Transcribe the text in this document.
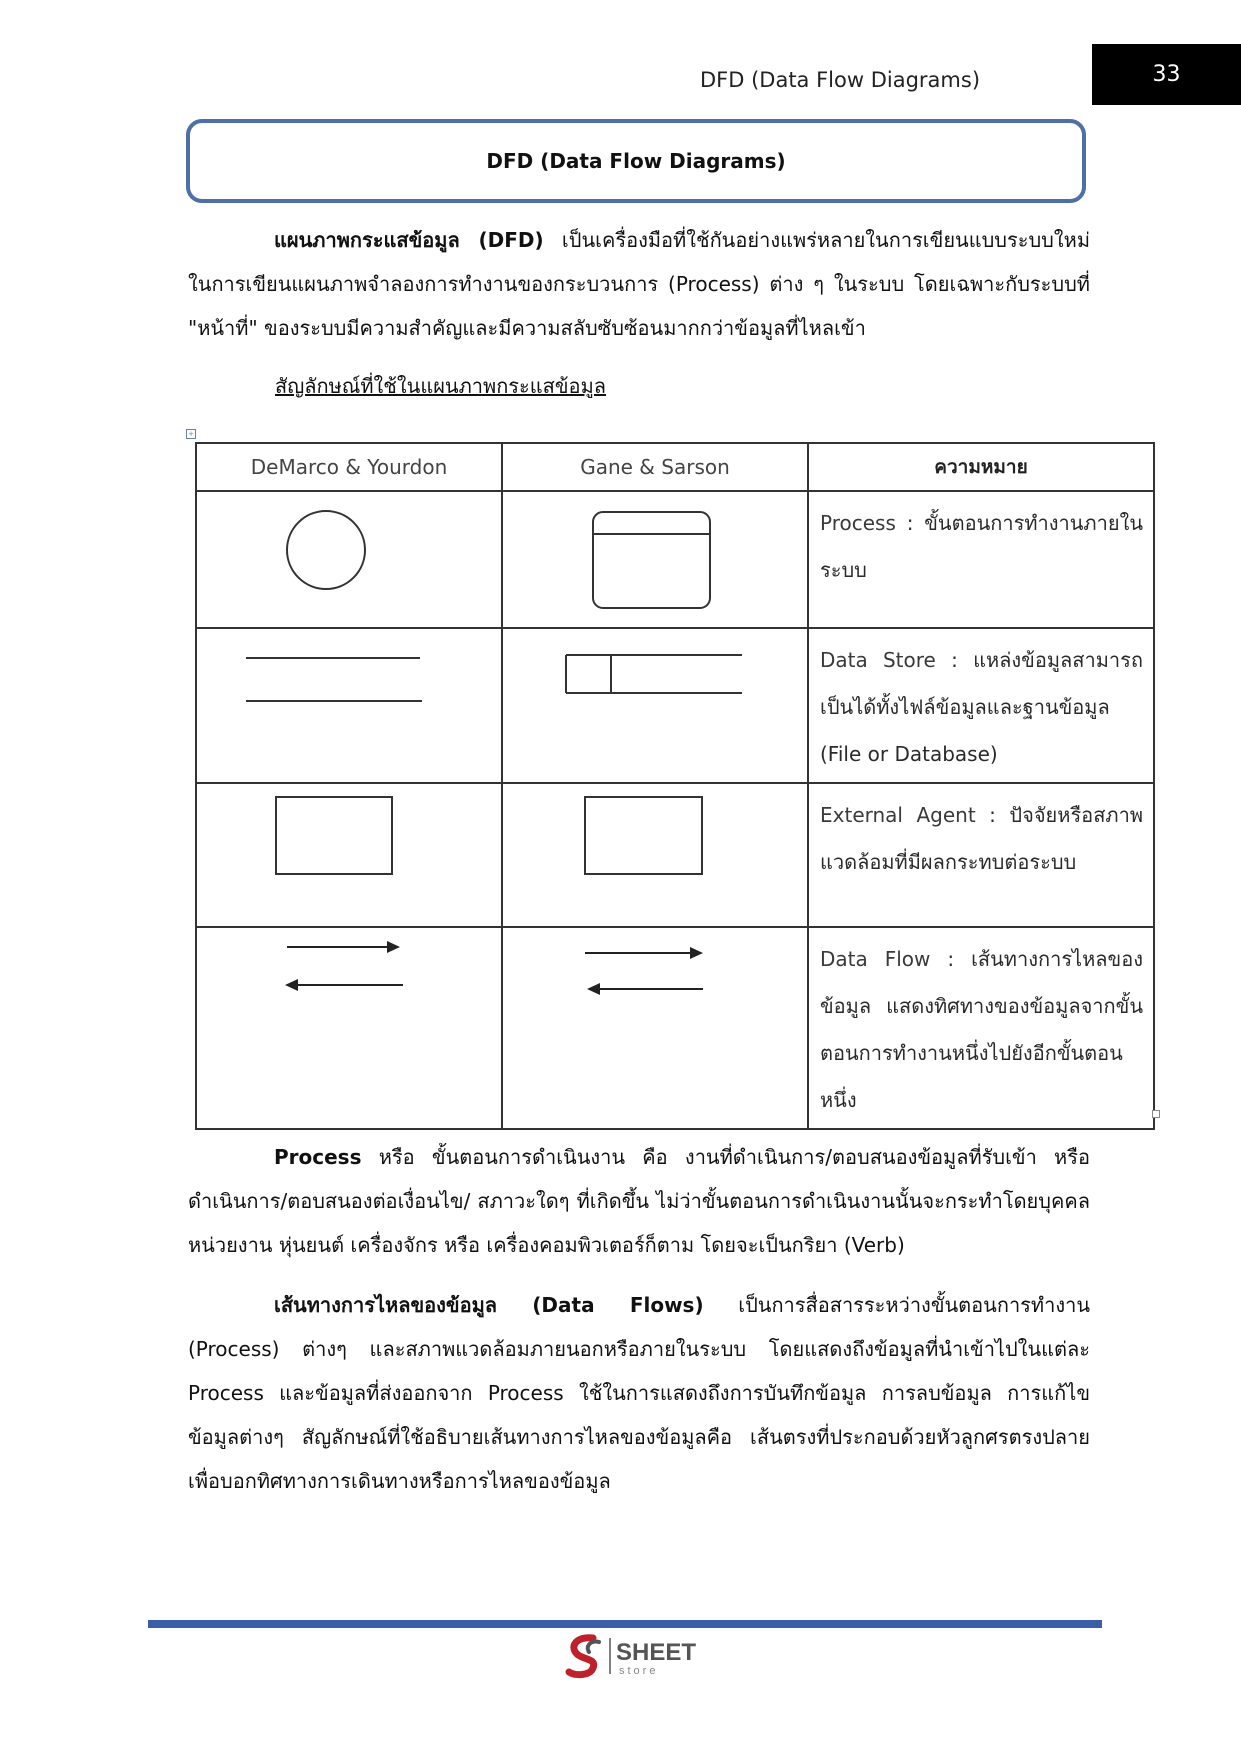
DFD (Data Flow Diagrams)	33
DFD (Data Flow Diagrams)

แผนภาพกระแสข้อมูล (DFD) เป็นเครื่องมือที่ใช้กันอย่างแพร่หลายในการเขียนแบบระบบใหม่ ในการเขียนแผนภาพจำลองการทำงานของกระบวนการ (Process) ต่าง ๆ ในระบบ โดยเฉพาะกับระบบที่ "หน้าที่" ของระบบมีความสำคัญและมีความสลับซับซ้อนมากกว่าข้อมูลที่ไหลเข้า

สัญลักษณ์ที่ใช้ในแผนภาพกระแสข้อมูล

+
DeMarco & Yourdon	Gane & Sarson	ความหมาย

Process : ขั้นตอนการทำงานภายในระบบ

Data Store : แหล่งข้อมูลสามารถเป็นได้ทั้งไฟล์ข้อมูลและฐานข้อมูล (File or Database)

External Agent : ปัจจัยหรือสภาพแวดล้อมที่มีผลกระทบต่อระบบ

Data Flow : เส้นทางการไหลของข้อมูล แสดงทิศทางของข้อมูลจากขั้นตอนการทำงานหนึ่งไปยังอีกขั้นตอนหนึ่ง

Process หรือ ขั้นตอนการดำเนินงาน คือ งานที่ดำเนินการ/ตอบสนองข้อมูลที่รับเข้า หรือ ดำเนินการ/ตอบสนองต่อเงื่อนไข/ สภาวะใดๆ ที่เกิดขึ้น ไม่ว่าขั้นตอนการดำเนินงานนั้นจะกระทำโดยบุคคล หน่วยงาน หุ่นยนต์ เครื่องจักร หรือ เครื่องคอมพิวเตอร์ก็ตาม โดยจะเป็นกริยา (Verb)

เส้นทางการไหลของข้อมูล (Data Flows) เป็นการสื่อสารระหว่างขั้นตอนการทำงาน (Process) ต่างๆ และสภาพแวดล้อมภายนอกหรือภายในระบบ โดยแสดงถึงข้อมูลที่นำเข้าไปในแต่ละ Process และข้อมูลที่ส่งออกจาก Process ใช้ในการแสดงถึงการบันทึกข้อมูล การลบข้อมูล การแก้ไขข้อมูลต่างๆ สัญลักษณ์ที่ใช้อธิบายเส้นทางการไหลของข้อมูลคือ เส้นตรงที่ประกอบด้วยหัวลูกศรตรงปลายเพื่อบอกทิศทางการเดินทางหรือการไหลของข้อมูล

SHEET
store
